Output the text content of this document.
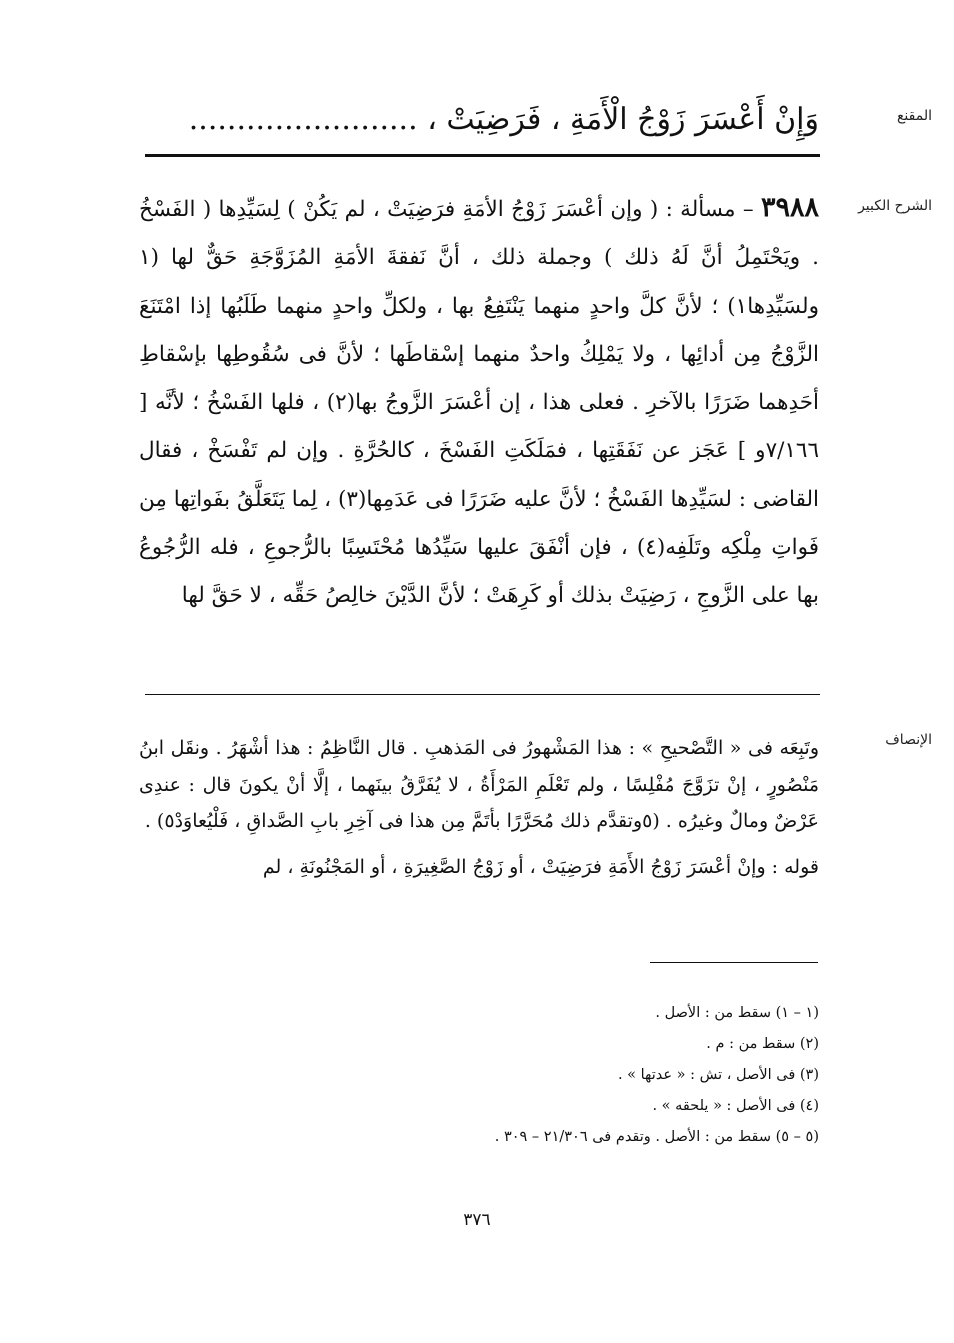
المقنع
وَإِنْ أَعْسَرَ زَوْجُ الْأَمَةِ ، فَرَضِيَتْ ، ........................
الشرح الكبير

٣٩٨٨ – مسألة : ( وإن أعْسَرَ زَوْجُ الأمَةِ فرَضِيَتْ ، لم يَكُنْ ) لِسَيِّدِها ( الفَسْخُ . ويَحْتَمِلُ أنَّ لَهُ ذلك ) وجملة ذلك ، أنَّ نَفقةَ الأمَةِ المُزَوَّجَةِ حَقٌّ لها (١ ولسَيِّدِها١) ؛ لأنَّ كلَّ واحدٍ منهما يَنْتَفِعُ بها ، ولكلِّ واحدٍ منهما طَلَبُها إذا امْتَنَعَ الزَّوْجُ مِن أدائِها ، ولا يَمْلِكُ واحدٌ منهما إسْقاطَها ؛ لأنَّ فى سُقُوطِها بإسْقاطِ أحَدِهما ضَرَرًا بالآخرِ . فعلى هذا ، إن أعْسَرَ الزَّوجُ بها(٢) ، فلها الفَسْخُ ؛ لأنَّه [ ٧/١٦٦و ] عَجَز عن نَفَقَتِها ، فمَلَكَتِ الفَسْخَ ، كالحُرَّةِ . وإن لم تَفْسَخْ ، فقال القاضى : لسَيِّدِها الفَسْخُ ؛ لأنَّ عليه ضَرَرًا فى عَدَمِها(٣) ، لِما يَتَعَلَّقُ بفَواتِها مِن فَواتِ مِلْكِه وتَلَفِه(٤) ، فإن أنْفَقَ عليها سَيِّدُها مُحْتَسِبًا بالرُّجوعِ ، فله الرُّجُوعُ بها على الزَّوجِ ، رَضِيَتْ بذلك أو كَرِهَتْ ؛ لأنَّ الدَّيْنَ خالِصُ حَقِّه ، لا حَقَّ لها

الإنصاف

وتَبِعَه فى « التَّصْحيحِ » : هذا المَشْهورُ فى المَذهبِ . قال النَّاظِمُ : هذا أشْهَرُ . ونقَل ابنُ مَنْصُورٍ ، إنْ تزَوَّجَ مُفْلِسًا ، ولم تَعْلَمِ المَرْأَةُ ، لا يُفَرَّقُ بينَهما ، إلَّا أنْ يكونَ قال : عندِى عَرْضٌ ومالٌ وغيرُه . (٥وتقدَّم ذلك مُحَرَّرًا بأتَمَّ مِن هذا فى آخِرِ بابِ الصَّداقِ ، فَلْيُعاوَدْ٥) .

قوله : وإنْ أعْسَرَ زَوْجُ الأَمَةِ فرَضِيَتْ ، أو زَوْجُ الصَّغِيرَةِ ، أو المَجْنُونَةِ ، لم

(١ – ١) سقط من : الأصل .
(٢) سقط من : م .
(٣) فى الأصل ، تش : « عدتها » .
(٤) فى الأصل : « يلحقه » .
(٥ – ٥) سقط من : الأصل . وتقدم فى ٢١/٣٠٦ – ٣٠٩ .
٣٧٦
